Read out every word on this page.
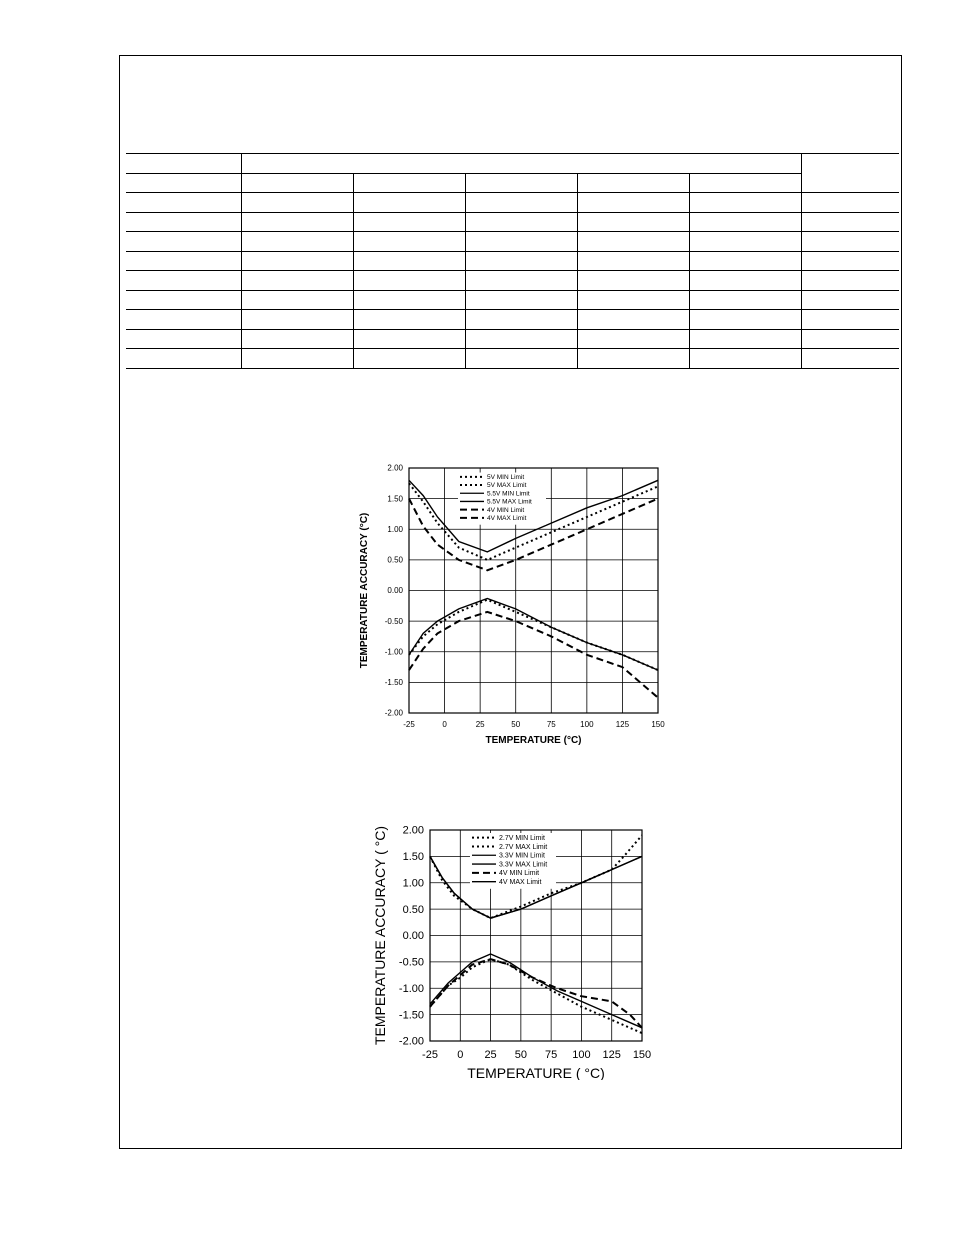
2.00
1.50
1.00
0.50
0.00
-0.50
-1.00
-1.50
-2.00
-25	0	25	50	75	100	125	150
TEMPERATURE (°C)
TEMPERATURE ACCURACY (°C)
5V MIN Limit
5V MAX Limit
5.5V MIN Limit
5.5V MAX Limit
4V MIN Limit
4V MAX Limit
2.00
1.50
1.00
0.50
0.00
-0.50
-1.00
-1.50
-2.00
-25 0 25 50 75 100 125 150
TEMPERATURE ( °C)
TEMPERATURE ACCURACY ( °C)	2.7V MIN Limit
2.7V MAX Limit
3.3V MIN Limit
3.3V MAX Limit
4V MIN Limit
4V MAX Limit
